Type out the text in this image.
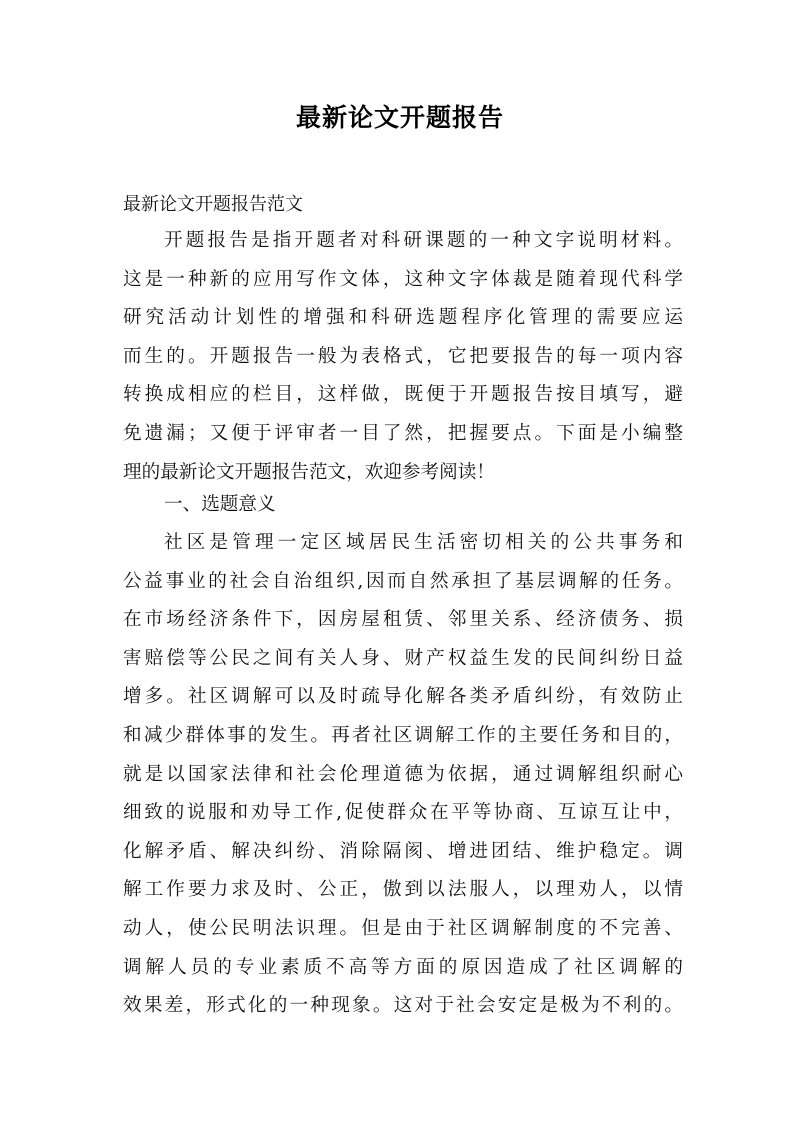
最新论文开题报告
最新论文开题报告范文
开题报告是指开题者对科研课题的一种文字说明材料。
这是一种新的应用写作文体，这种文字体裁是随着现代科学
研究活动计划性的增强和科研选题程序化管理的需要应运
而生的。开题报告一般为表格式，它把要报告的每一项内容
转换成相应的栏目，这样做，既便于开题报告按目填写，避
免遗漏；又便于评审者一目了然，把握要点。下面是小编整
理的最新论文开题报告范文，欢迎参考阅读！
一、选题意义
社区是管理一定区域居民生活密切相关的公共事务和
公益事业的社会自治组织,因而自然承担了基层调解的任务。
在市场经济条件下，因房屋租赁、邻里关系、经济债务、损
害赔偿等公民之间有关人身、财产权益生发的民间纠纷日益
增多。社区调解可以及时疏导化解各类矛盾纠纷，有效防止
和减少群体事的发生。再者社区调解工作的主要任务和目的，
就是以国家法律和社会伦理道德为依据，通过调解组织耐心
细致的说服和劝导工作,促使群众在平等协商、互谅互让中，
化解矛盾、解决纠纷、消除隔阂、增进团结、维护稳定。调
解工作要力求及时、公正，傲到以法服人，以理劝人，以情
动人，使公民明法识理。但是由于社区调解制度的不完善、
调解人员的专业素质不高等方面的原因造成了社区调解的
效果差，形式化的一种现象。这对于社会安定是极为不利的。
